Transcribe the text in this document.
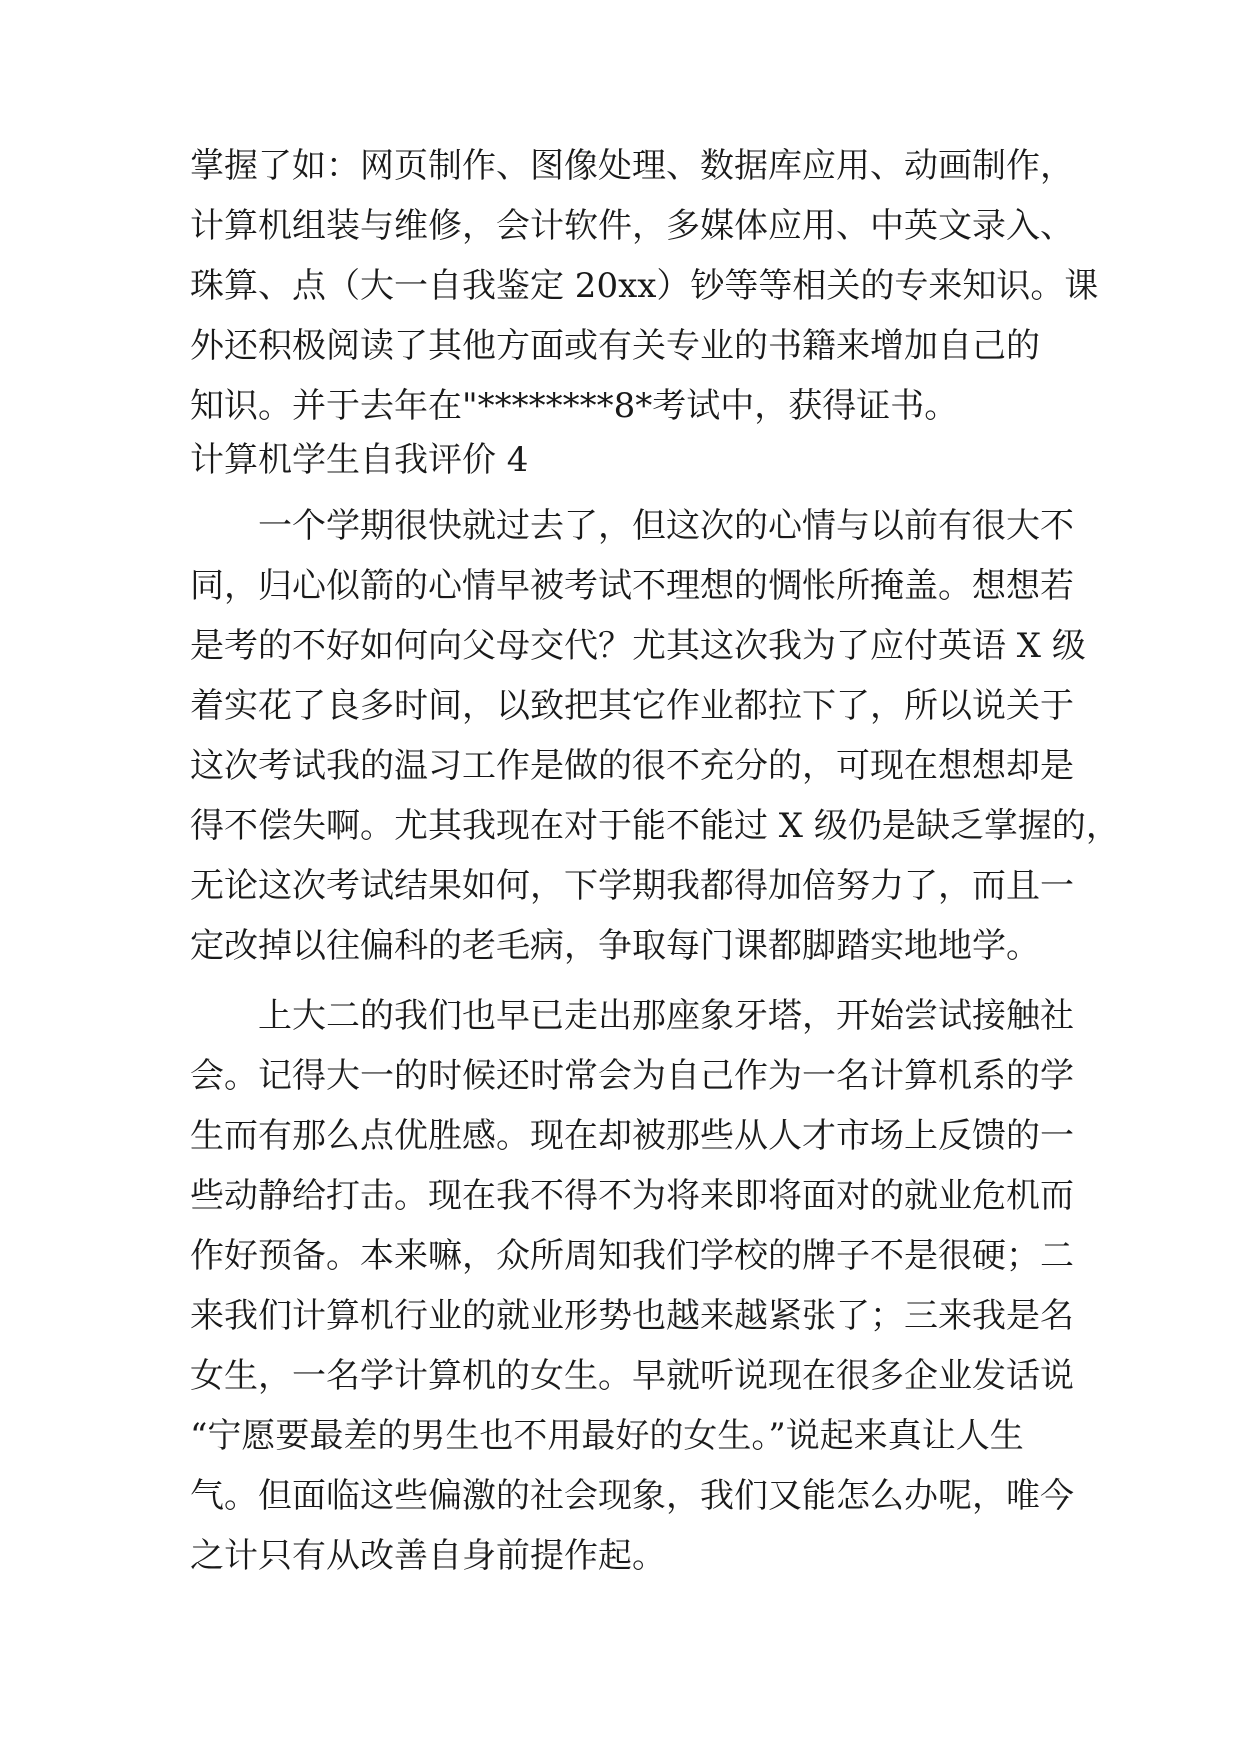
掌握了如：网页制作、图像处理、数据库应用、动画制作，
计算机组装与维修，会计软件，多媒体应用、中英文录入、
珠算、点（大一自我鉴定 20xx）钞等等相关的专来知识。课
外还积极阅读了其他方面或有关专业的书籍来增加自己的
知识。并于去年在"********8*考试中，获得证书。
计算机学生自我评价 4
一个学期很快就过去了，但这次的心情与以前有很大不
同，归心似箭的心情早被考试不理想的惆怅所掩盖。想想若
是考的不好如何向父母交代？尤其这次我为了应付英语 X 级
着实花了良多时间，以致把其它作业都拉下了，所以说关于
这次考试我的温习工作是做的很不充分的，可现在想想却是
得不偿失啊。尤其我现在对于能不能过 X 级仍是缺乏掌握的，
无论这次考试结果如何，下学期我都得加倍努力了，而且一
定改掉以往偏科的老毛病，争取每门课都脚踏实地地学。
上大二的我们也早已走出那座象牙塔，开始尝试接触社
会。记得大一的时候还时常会为自己作为一名计算机系的学
生而有那么点优胜感。现在却被那些从人才市场上反馈的一
些动静给打击。现在我不得不为将来即将面对的就业危机而
作好预备。本来嘛，众所周知我们学校的牌子不是很硬；二
来我们计算机行业的就业形势也越来越紧张了；三来我是名
女生，一名学计算机的女生。早就听说现在很多企业发话说
“宁愿要最差的男生也不用最好的女生。”说起来真让人生
气。但面临这些偏激的社会现象，我们又能怎么办呢，唯今
之计只有从改善自身前提作起。
